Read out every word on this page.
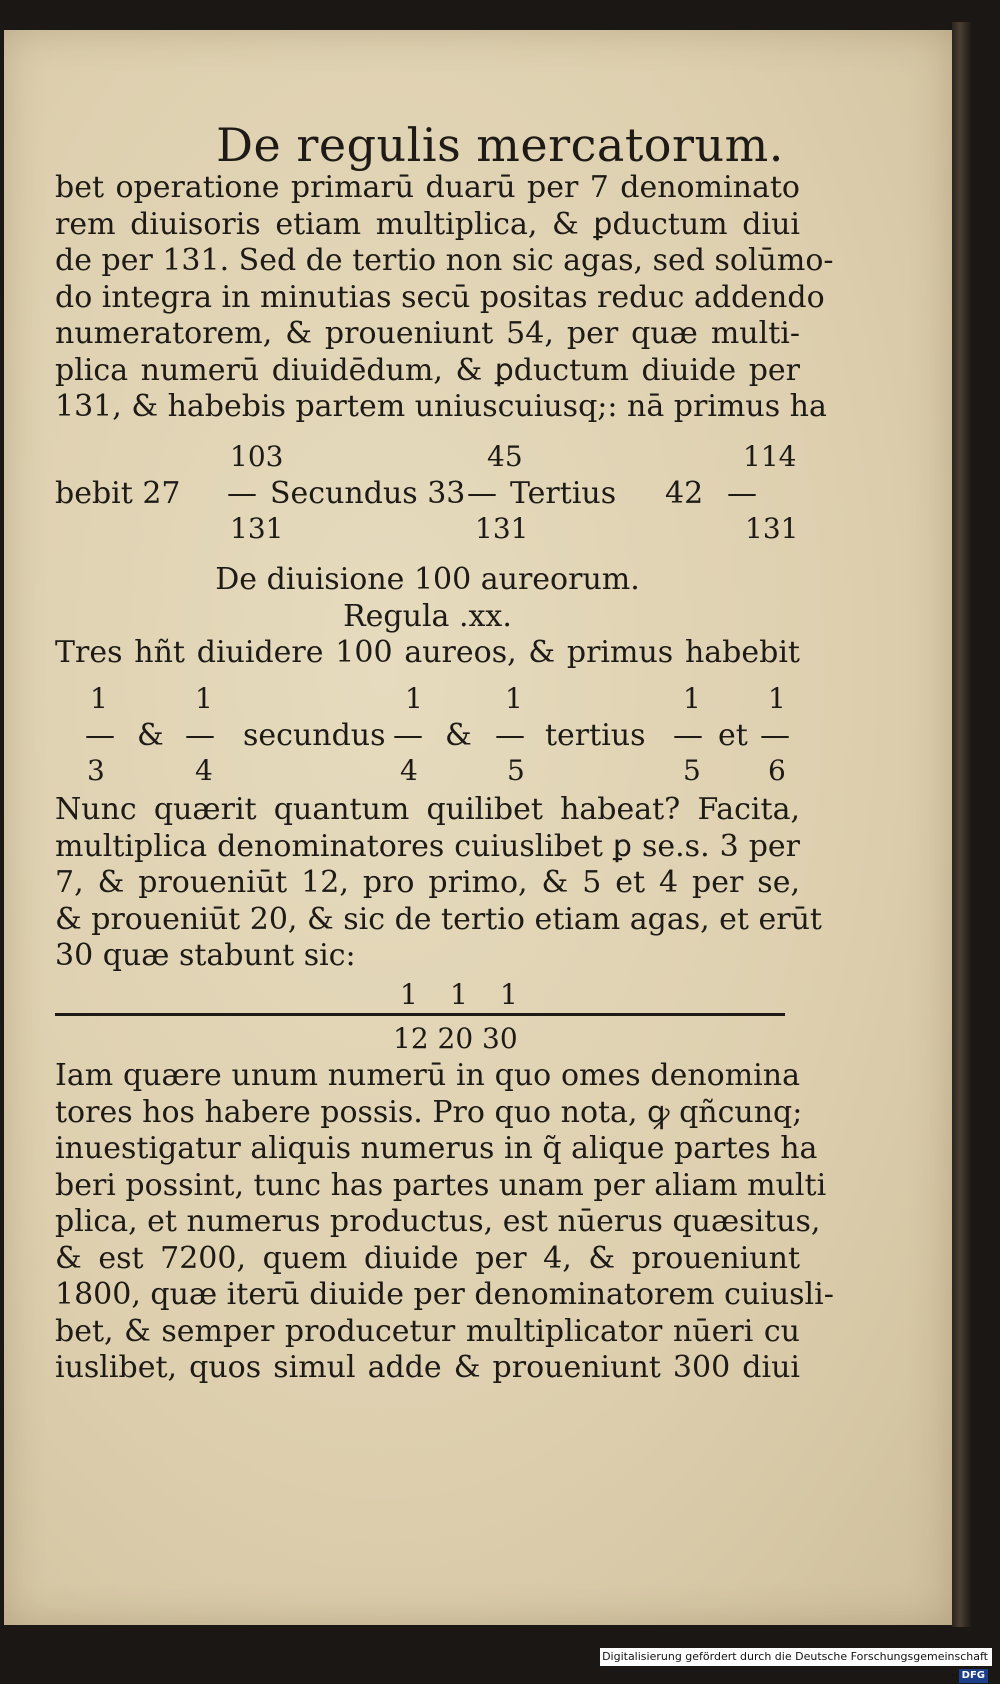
De regulis mercatorum.
bet operatione primarū duarū per 7 denominato
rem diuisoris etiam multiplica, & ꝑductum diui
de per 131. Sed de tertio non sic agas, sed solūmo-
do integra in minutias secū positas reduc addendo
numeratorem, & proueniunt 54, per quæ multi-
plica numerū diuidēdum, & ꝑductum diuide per
131, & habebis partem uniuscuiusq;: nā primus ha
103	45	114
bebit 27 — Secundus 33 — Tertius 42 —
131	131	131
De diuisione 100 aureorum.
Regula .xx.
Tres hñt diuidere 100 aureos, & primus habebit
1	1	1	1	1 1
— & — secundus — & — tertius — et —
3	4	4	5	5 6
Nunc quærit quantum quilibet habeat? Facita,
multiplica denominatores cuiuslibet ꝑ se.s. 3 per
7, & proueniūt 12, pro primo, & 5 et 4 per se,
& proueniūt 20, & sic de tertio etiam agas, et erūt
30 quæ stabunt sic:
1 1 1
12 20 30
Iam quære unum numerū in quo omes denomina
tores hos habere possis. Pro quo nota, ꝙ qñcunq;
inuestigatur aliquis numerus in q̃ alique partes ha
beri possint, tunc has partes unam per aliam multi
plica, et numerus productus, est nūerus quæsitus,
& est 7200, quem diuide per 4, & proueniunt
1800, quæ iterū diuide per denominatorem cuiusli-
bet, & semper producetur multiplicator nūeri cu
iuslibet, quos simul adde & proueniunt 300 diui
Digitalisierung gefördert durch die Deutsche Forschungsgemeinschaft - DFG
